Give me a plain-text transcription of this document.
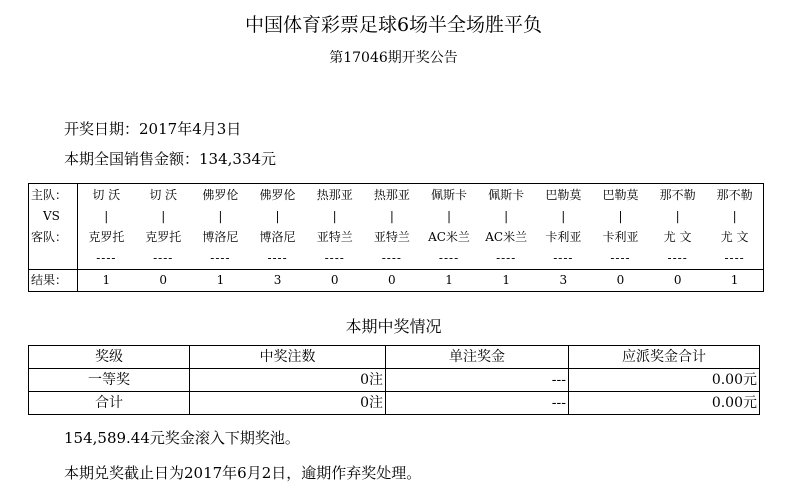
中国体育彩票足球6场半全场胜平负
第17046期开奖公告
开奖日期：2017年4月3日
本期全国销售金额：134,334元
主队：	切 沃	切 沃	佛罗伦	佛罗伦	热那亚	热那亚	佩斯卡	佩斯卡	巴勒莫	巴勒莫	那不勒	那不勒
VS	|	|	|	|	|	|	|	|	|	|	|	|
客队：	克罗托	克罗托	博洛尼	博洛尼	亚特兰	亚特兰	AC米兰	AC米兰	卡利亚	卡利亚	尤 文	尤 文
	----	----	----	----	----	----	----	----	----	----	----	----
结果：	1	0	1	3	0	0	1	1	3	0	0	1
本期中奖情况
奖级	中奖注数	单注奖金	应派奖金合计
一等奖	0注	---	0.00元
合计	0注	---	0.00元
154,589.44元奖金滚入下期奖池。
本期兑奖截止日为2017年6月2日，逾期作弃奖处理。
